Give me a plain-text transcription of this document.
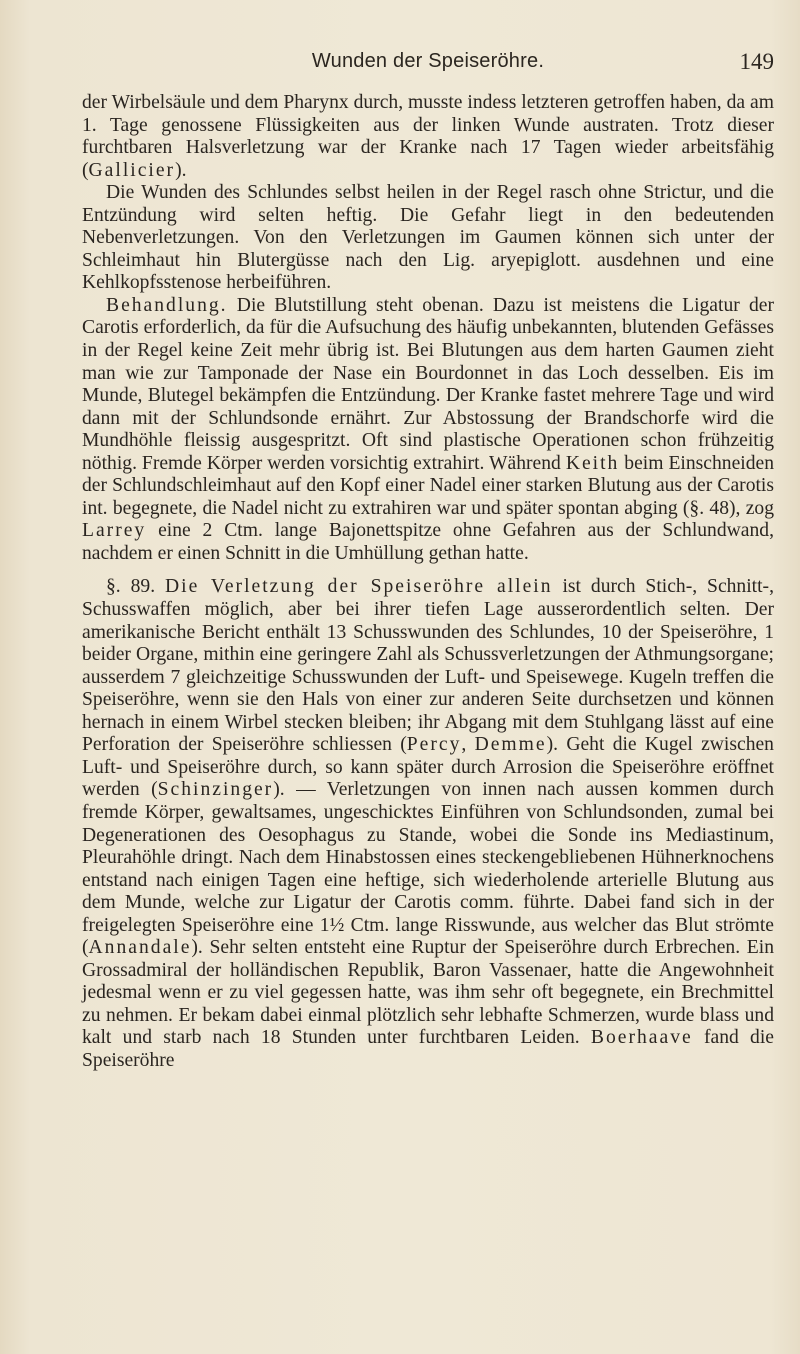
Wunden der Speiseröhre.	149

der Wirbelsäule und dem Pharynx durch, musste indess letzteren getroffen haben, da am 1. Tage genossene Flüssigkeiten aus der linken Wunde austraten. Trotz dieser furchtbaren Halsverletzung war der Kranke nach 17 Tagen wieder arbeitsfähig (Gallicier).

Die Wunden des Schlundes selbst heilen in der Regel rasch ohne Strictur, und die Entzündung wird selten heftig. Die Gefahr liegt in den bedeutenden Nebenverletzungen. Von den Verletzungen im Gaumen können sich unter der Schleimhaut hin Blutergüsse nach den Lig. aryepiglott. ausdehnen und eine Kehlkopfsstenose herbeiführen.

Behandlung. Die Blutstillung steht obenan. Dazu ist meistens die Ligatur der Carotis erforderlich, da für die Aufsuchung des häufig unbekannten, blutenden Gefässes in der Regel keine Zeit mehr übrig ist. Bei Blutungen aus dem harten Gaumen zieht man wie zur Tamponade der Nase ein Bourdonnet in das Loch desselben. Eis im Munde, Blutegel bekämpfen die Entzündung. Der Kranke fastet mehrere Tage und wird dann mit der Schlundsonde ernährt. Zur Abstossung der Brandschorfe wird die Mundhöhle fleissig ausgespritzt. Oft sind plastische Operationen schon frühzeitig nöthig. Fremde Körper werden vorsichtig extrahirt. Während Keith beim Einschneiden der Schlundschleimhaut auf den Kopf einer Nadel einer starken Blutung aus der Carotis int. begegnete, die Nadel nicht zu extrahiren war und später spontan abging (§. 48), zog Larrey eine 2 Ctm. lange Bajonettspitze ohne Gefahren aus der Schlundwand, nachdem er einen Schnitt in die Umhüllung gethan hatte.

§. 89. Die Verletzung der Speiseröhre allein ist durch Stich-, Schnitt-, Schusswaffen möglich, aber bei ihrer tiefen Lage ausserordentlich selten. Der amerikanische Bericht enthält 13 Schusswunden des Schlundes, 10 der Speiseröhre, 1 beider Organe, mithin eine geringere Zahl als Schussverletzungen der Athmungsorgane; ausserdem 7 gleichzeitige Schusswunden der Luft- und Speisewege. Kugeln treffen die Speiseröhre, wenn sie den Hals von einer zur anderen Seite durchsetzen und können hernach in einem Wirbel stecken bleiben; ihr Abgang mit dem Stuhlgang lässt auf eine Perforation der Speiseröhre schliessen (Percy, Demme). Geht die Kugel zwischen Luft- und Speiseröhre durch, so kann später durch Arrosion die Speiseröhre eröffnet werden (Schinzinger). — Verletzungen von innen nach aussen kommen durch fremde Körper, gewaltsames, ungeschicktes Einführen von Schlundsonden, zumal bei Degenerationen des Oesophagus zu Stande, wobei die Sonde ins Mediastinum, Pleurahöhle dringt. Nach dem Hinabstossen eines steckengebliebenen Hühnerknochens entstand nach einigen Tagen eine heftige, sich wiederholende arterielle Blutung aus dem Munde, welche zur Ligatur der Carotis comm. führte. Dabei fand sich in der freigelegten Speiseröhre eine 1½ Ctm. lange Risswunde, aus welcher das Blut strömte (Annandale). Sehr selten entsteht eine Ruptur der Speiseröhre durch Erbrechen. Ein Grossadmiral der holländischen Republik, Baron Vassenaer, hatte die Angewohnheit jedesmal wenn er zu viel gegessen hatte, was ihm sehr oft begegnete, ein Brechmittel zu nehmen. Er bekam dabei einmal plötzlich sehr lebhafte Schmerzen, wurde blass und kalt und starb nach 18 Stunden unter furchtbaren Leiden. Boerhaave fand die Speiseröhre
